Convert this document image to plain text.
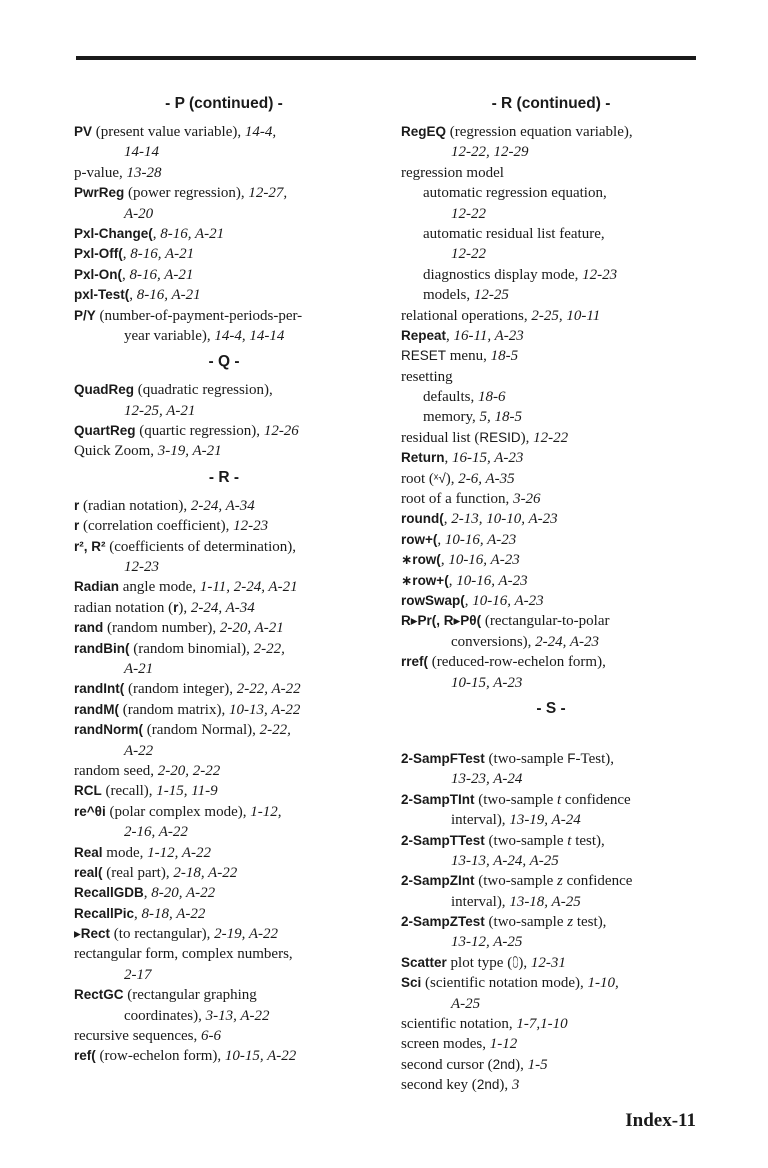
- P (continued) -
PV (present value variable), 14-4,
14-14
p-value, 13-28
PwrReg (power regression), 12-27,
A-20
Pxl-Change(, 8-16, A-21
Pxl-Off(, 8-16, A-21
Pxl-On(, 8-16, A-21
pxl-Test(, 8-16, A-21
P/Y (number-of-payment-periods-per-
year variable), 14-4, 14-14
- Q -
QuadReg (quadratic regression),
12-25, A-21
QuartReg (quartic regression), 12-26
Quick Zoom, 3-19, A-21
- R -
r (radian notation), 2-24, A-34
r (correlation coefficient), 12-23
r², R² (coefficients of determination),
12-23
Radian angle mode, 1-11, 2-24, A-21
radian notation (r), 2-24, A-34
rand (random number), 2-20, A-21
randBin( (random binomial), 2-22,
A-21
randInt( (random integer), 2-22, A-22
randM( (random matrix), 10-13, A-22
randNorm( (random Normal), 2-22,
A-22
random seed, 2-20, 2-22
RCL (recall), 1-15, 11-9
re^θi (polar complex mode), 1-12,
2-16, A-22
Real mode, 1-12, A-22
real( (real part), 2-18, A-22
RecallGDB, 8-20, A-22
RecallPic, 8-18, A-22
▸Rect (to rectangular), 2-19, A-22
rectangular form, complex numbers,
2-17
RectGC (rectangular graphing
coordinates), 3-13, A-22
recursive sequences, 6-6
ref( (row-echelon form), 10-15, A-22
- R (continued) -
RegEQ (regression equation variable),
12-22, 12-29
regression model
automatic regression equation,
12-22
automatic residual list feature,
12-22
diagnostics display mode, 12-23
models, 12-25
relational operations, 2-25, 10-11
Repeat, 16-11, A-23
RESET menu, 18-5
resetting
defaults, 18-6
memory, 5, 18-5
residual list (RESID), 12-22
Return, 16-15, A-23
root (ˣ√), 2-6, A-35
root of a function, 3-26
round(, 2-13, 10-10, A-23
row+(, 10-16, A-23
∗row(, 10-16, A-23
∗row+(, 10-16, A-23
rowSwap(, 10-16, A-23
R▸Pr(, R▸Pθ( (rectangular-to-polar
conversions), 2-24, A-23
rref( (reduced-row-echelon form),
10-15, A-23
- S -
2-SampFTest (two-sample F-Test),
13-23, A-24
2-SampTInt (two-sample t confidence
interval), 13-19, A-24
2-SampTTest (two-sample t test),
13-13, A-24, A-25
2-SampZInt (two-sample z confidence
interval), 13-18, A-25
2-SampZTest (two-sample z test),
13-12, A-25
Scatter plot type (⩇), 12-31
Sci (scientific notation mode), 1-10,
A-25
scientific notation, 1-7,1-10
screen modes, 1-12
second cursor (2nd), 1-5
second key (2nd), 3
Index-11
